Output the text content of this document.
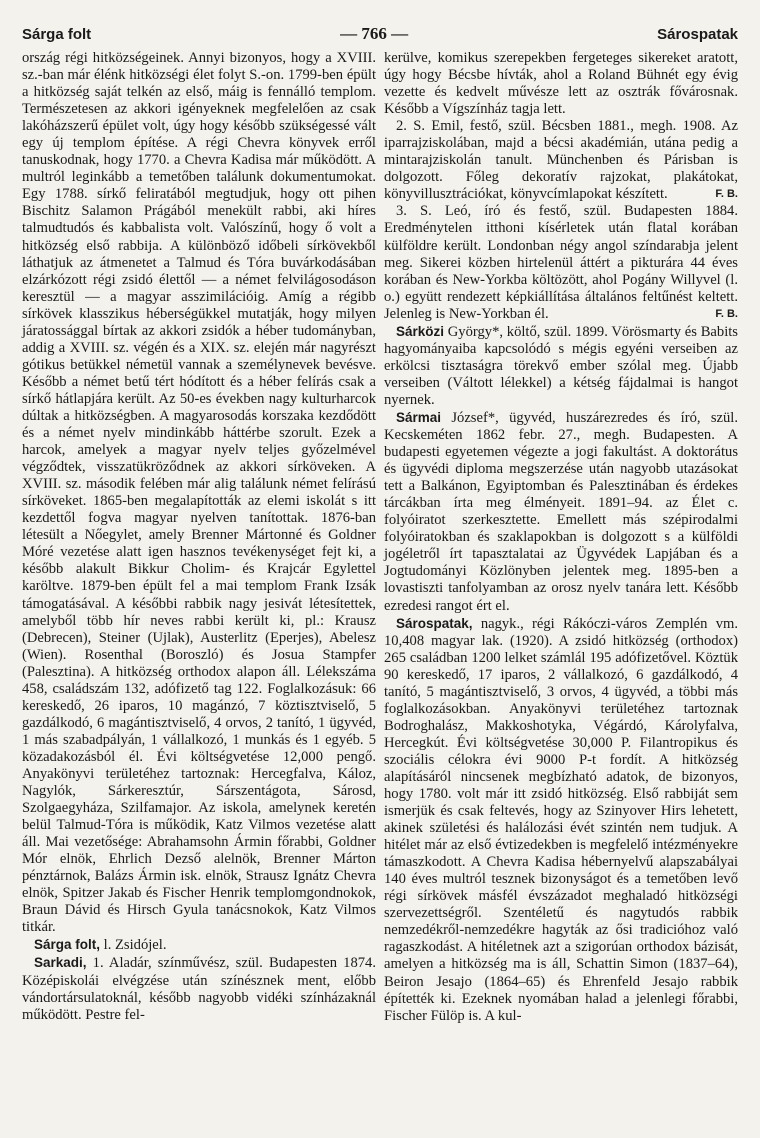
Sárga folt	— 766 —	Sárospatak

ország régi hitközségeinek. Annyi bizonyos, hogy a XVIII. sz.-ban már élénk hitközségi élet folyt S.-on. 1799-ben épült a hitközség saját telkén az első, máig is fennálló templom. Természetesen az akkori igényeknek megfelelően az csak lakóházszerű épület volt, úgy hogy később szükségessé vált egy új templom építése. A régi Chevra könyvek erről tanuskodnak, hogy 1770. a Chevra Kadisa már működött. A multról leginkább a temetőben találunk dokumentumokat. Egy 1788. sírkő feliratából megtudjuk, hogy ott pihen Bischitz Salamon Prágából menekült rabbi, aki híres talmudtudós és kabbalista volt. Valószínű, hogy ő volt a hitközség első rabbija. A különböző időbeli sírkövekből láthatjuk az átmenetet a Talmud és Tóra buvárkodásában elzárkózott régi zsidó élettől — a német felvilágosodáson keresztül — a magyar asszimilációig. Amíg a régibb sírkövek klasszikus héberségükkel mutatják, hogy milyen járatossággal bírtak az akkori zsidók a héber tudományban, addig a XVIII. sz. végén és a XIX. sz. elején már nagyrészt gótikus betükkel németül vannak a személynevek bevésve. Később a német betű tért hódított és a héber felírás csak a sírkő hátlapjára került. Az 50-es években nagy kulturharcok dúltak a hitközségben. A magyarosodás korszaka kezdődött és a német nyelv mindinkább háttérbe szorult. Ezek a harcok, amelyek a magyar nyelv teljes győzelmével végződtek, visszatükröződnek az akkori sírköveken. A XVIII. sz. második felében már alig találunk német felírású sírköveket. 1865-ben megalapították az elemi iskolát s itt kezdettől fogva magyar nyelven tanítottak. 1876-ban létesült a Nőegylet, amely Brenner Mártonné és Goldner Móré vezetése alatt igen hasznos tevékenységet fejt ki, a később alakult Bikkur Cholim- és Krajcár Egylettel karöltve. 1879-ben épült fel a mai templom Frank Izsák támogatásával. A későbbi rabbik nagy jesivát létesítettek, amelyből több hír neves rabbi került ki, pl.: Krausz (Debrecen), Steiner (Ujlak), Austerlitz (Eperjes), Abelesz (Wien). Rosenthal (Boroszló) és Josua Stampfer (Palesztina). A hitközség orthodox alapon áll. Lélekszáma 458, családszám 132, adófizető tag 122. Foglalkozásuk: 66 kereskedő, 26 iparos, 10 magánzó, 7 köztisztviselő, 5 gazdálkodó, 6 magántisztviselő, 4 orvos, 2 tanító, 1 ügyvéd, 1 más szabadpályán, 1 vállalkozó, 1 munkás és 1 egyéb. 5 közadakozásból él. Évi költségvetése 12,000 pengő. Anyakönyvi területéhez tartoznak: Hercegfalva, Káloz, Nagylók, Sárkeresztúr, Sárszentágota, Sárosd, Szolgaegyháza, Szilfamajor. Az iskola, amelynek keretén belül Talmud-Tóra is működik, Katz Vilmos vezetése alatt áll. Mai vezetősége: Abrahamsohn Ármin főrabbi, Goldner Mór elnök, Ehrlich Dezső alelnök, Brenner Márton pénztárnok, Balázs Ármin isk. elnök, Strausz Ignátz Chevra elnök, Spitzer Jakab és Fischer Henrik templomgondnokok, Braun Dávid és Hirsch Gyula tanácsnokok, Katz Vilmos titkár.

Sárga folt, l. Zsidójel.

Sarkadi, 1. Aladár, színművész, szül. Budapesten 1874. Középiskolái elvégzése után színésznek ment, előbb vándortársulatoknál, később nagyobb vidéki színházaknál működött. Pestre fel-

kerülve, komikus szerepekben fergeteges sikereket aratott, úgy hogy Bécsbe hívták, ahol a Roland Bühnét egy évig vezette és kedvelt művésze lett az osztrák fővárosnak. Később a Vígszínház tagja lett.

2. S. Emil, festő, szül. Bécsben 1881., megh. 1908. Az iparrajziskolában, majd a bécsi akadémián, utána pedig a mintarajziskolán tanult. Münchenben és Párisban is dolgozott. Főleg dekoratív rajzokat, plakátokat, könyvillusztrációkat, könyvcímlapokat készített.	F. B.

3. S. Leó, író és festő, szül. Budapesten 1884. Eredménytelen itthoni kísérletek után flatal korában külföldre került. Londonban négy angol színdarabja jelent meg. Sikerei közben hirtelenül áttért a pikturára 44 éves korában és New-Yorkba költözött, ahol Pogány Willyvel (l. o.) együtt rendezett képkiállítása általános feltűnést keltett. Jelenleg is New-Yorkban él.	F. B.

Sárközi György*, költő, szül. 1899. Vörösmarty és Babits hagyományaiba kapcsolódó s mégis egyéni verseiben az erkölcsi tisztaságra törekvő ember szólal meg. Újabb verseiben (Váltott lélekkel) a kétség fájdalmai is hangot nyernek.

Sármai József*, ügyvéd, huszárezredes és író, szül. Kecskeméten 1862 febr. 27., megh. Budapesten. A budapesti egyetemen végezte a jogi fakultást. A doktorátus és ügyvédi diploma megszerzése után nagyobb utazásokat tett a Balkánon, Egyiptomban és Palesztinában és érdekes tárcákban írta meg élményeit. 1891–94. az Élet c. folyóiratot szerkesztette. Emellett más szépirodalmi folyóiratokban és szaklapokban is dolgozott s a külföldi jogéletről írt tapasztalatai az Ügyvédek Lapjában és a Jogtudományi Közlönyben jelentek meg. 1895-ben a lovastiszti tanfolyamban az orosz nyelv tanára lett. Később ezredesi rangot ért el.

Sárospatak, nagyk., régi Rákóczi-város Zemplén vm. 10,408 magyar lak. (1920). A zsidó hitközség (orthodox) 265 családban 1200 lelket számlál 195 adófizetővel. Köztük 90 kereskedő, 17 iparos, 2 vállalkozó, 6 gazdálkodó, 4 tanító, 5 magántisztviselő, 3 orvos, 4 ügyvéd, a többi más foglalkozásokban. Anyakönyvi területéhez tartoznak Bodroghalász, Makkoshotyka, Végárdó, Károlyfalva, Hercegkút. Évi költségvetése 30,000 P. Filantropikus és szociális célokra évi 9000 P-t fordít. A hitközség alapításáról nincsenek megbízható adatok, de bizonyos, hogy 1780. volt már itt zsidó hitközség. Első rabbiját sem ismerjük és csak feltevés, hogy az Szinyover Hirs lehetett, akinek születési és halálozási évét szintén nem tudjuk. A hitélet már az első évtizedekben is megfelelő intézményekre támaszkodott. A Chevra Kadisa hébernyelvű alapszabályai 140 éves multról tesznek bizonyságot és a temetőben levő régi sírkövek másfél évszázadot meghaladó hitközségi szervezettségről. Szentéletű és nagytudós rabbik nemzedékről-nemzedékre hagyták az ősi tradicióhoz való ragaszkodást. A hitéletnek azt a szigorúan orthodox bázisát, amelyen a hitközség ma is áll, Schattin Simon (1837–64), Beiron Jesajo (1864–65) és Ehrenfeld Jesajo rabbik építették ki. Ezeknek nyomában halad a jelenlegi főrabbi, Fischer Fülöp is. A kul-
